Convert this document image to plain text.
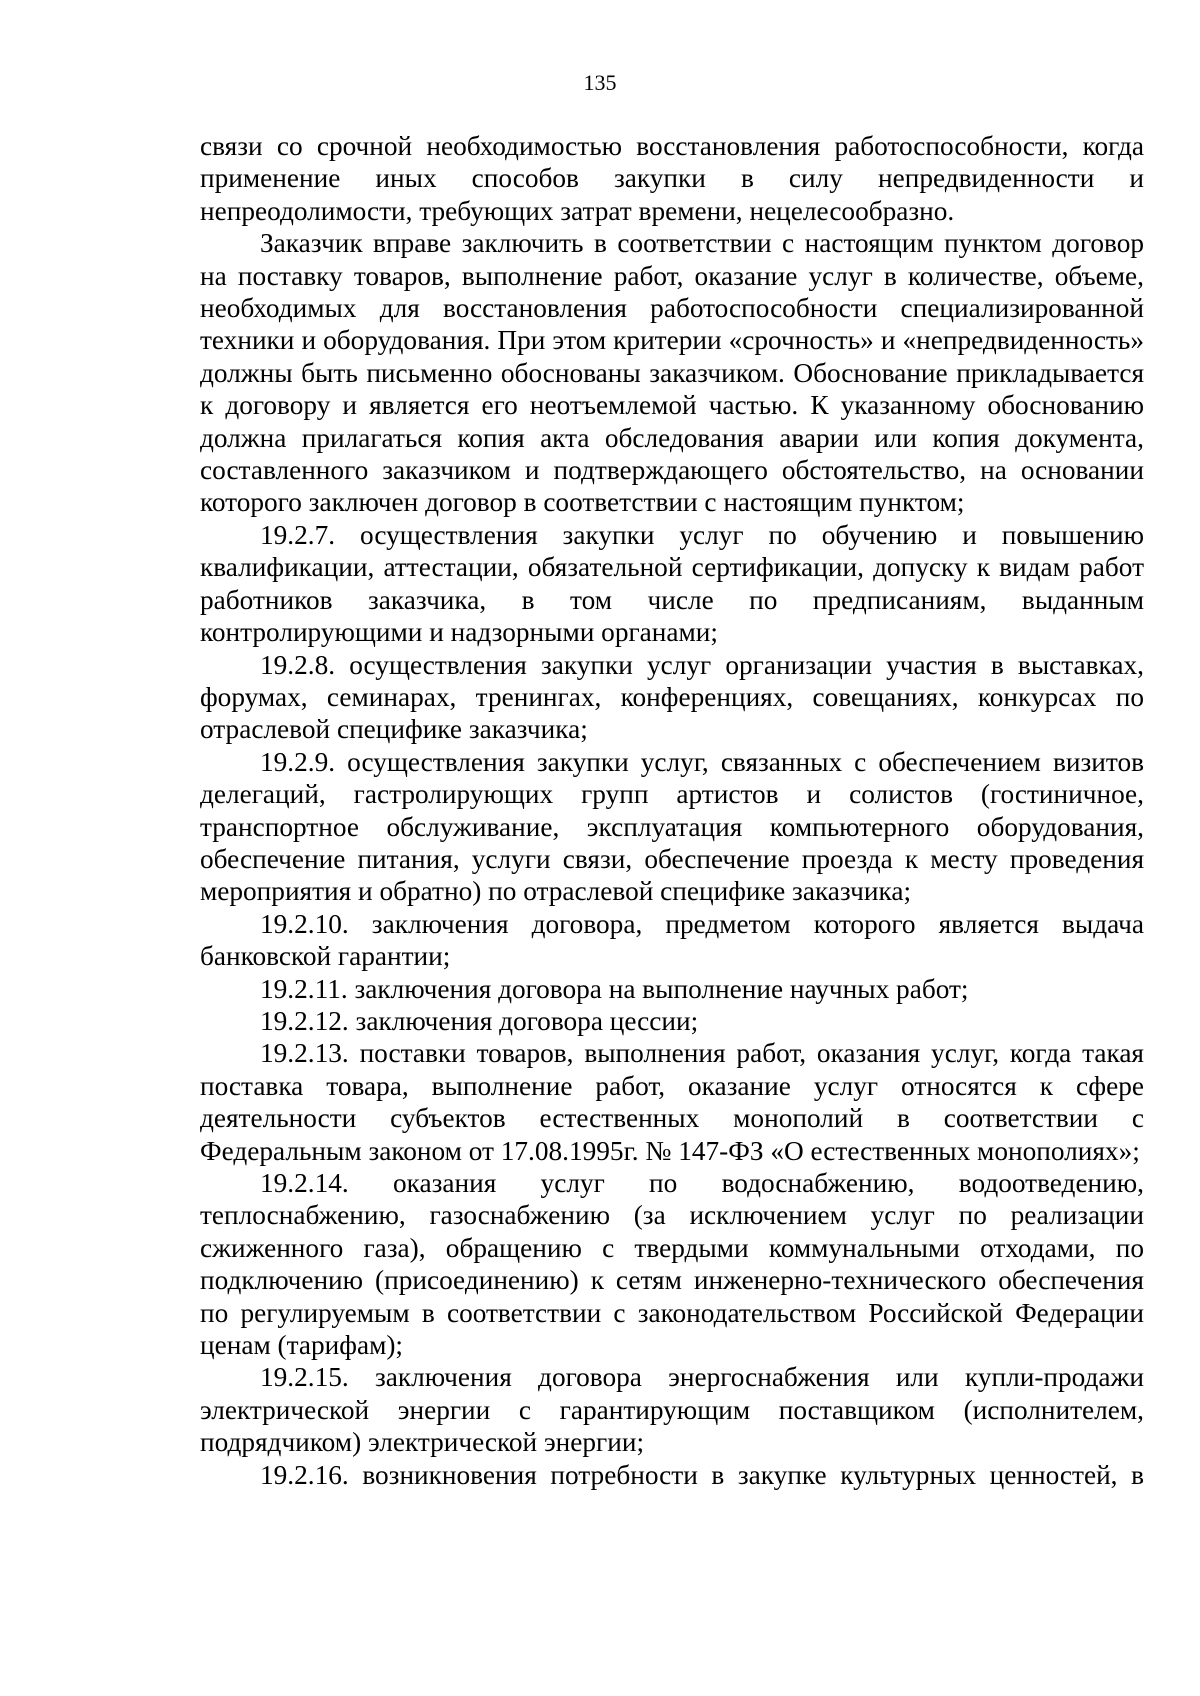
135

связи со срочной необходимостью восстановления работоспособности, когда применение иных способов закупки в силу непредвиденности и непреодолимости, требующих затрат времени, нецелесообразно.

Заказчик вправе заключить в соответствии с настоящим пунктом договор на поставку товаров, выполнение работ, оказание услуг в количестве, объеме, необходимых для восстановления работоспособности специализированной техники и оборудования. При этом критерии «срочность» и «непредвиденность» должны быть письменно обоснованы заказчиком. Обоснование прикладывается к договору и является его неотъемлемой частью. К указанному обоснованию должна прилагаться копия акта обследования аварии или копия документа, составленного заказчиком и подтверждающего обстоятельство, на основании которого заключен договор в соответствии с настоящим пунктом;

19.2.7. осуществления закупки услуг по обучению и повышению квалификации, аттестации, обязательной сертификации, допуску к видам работ работников заказчика, в том числе по предписаниям, выданным контролирующими и надзорными органами;

19.2.8. осуществления закупки услуг организации участия в выставках, форумах, семинарах, тренингах, конференциях, совещаниях, конкурсах по отраслевой специфике заказчика;

19.2.9. осуществления закупки услуг, связанных с обеспечением визитов делегаций, гастролирующих групп артистов и солистов (гостиничное, транспортное обслуживание, эксплуатация компьютерного оборудования, обеспечение питания, услуги связи, обеспечение проезда к месту проведения мероприятия и обратно) по отраслевой специфике заказчика;

19.2.10. заключения договора, предметом которого является выдача банковской гарантии;

19.2.11. заключения договора на выполнение научных работ;

19.2.12. заключения договора цессии;

19.2.13. поставки товаров, выполнения работ, оказания услуг, когда такая поставка товара, выполнение работ, оказание услуг относятся к сфере деятельности субъектов естественных монополий в соответствии с Федеральным законом от 17.08.1995г. № 147-ФЗ «О естественных монополиях»;

19.2.14. оказания услуг по водоснабжению, водоотведению, теплоснабжению, газоснабжению (за исключением услуг по реализации сжиженного газа), обращению с твердыми коммунальными отходами, по подключению (присоединению) к сетям инженерно-технического обеспечения по регулируемым в соответствии с законодательством Российской Федерации ценам (тарифам);

19.2.15. заключения договора энергоснабжения или купли-продажи электрической энергии с гарантирующим поставщиком (исполнителем, подрядчиком) электрической энергии;

19.2.16. возникновения потребности в закупке культурных ценностей, в
